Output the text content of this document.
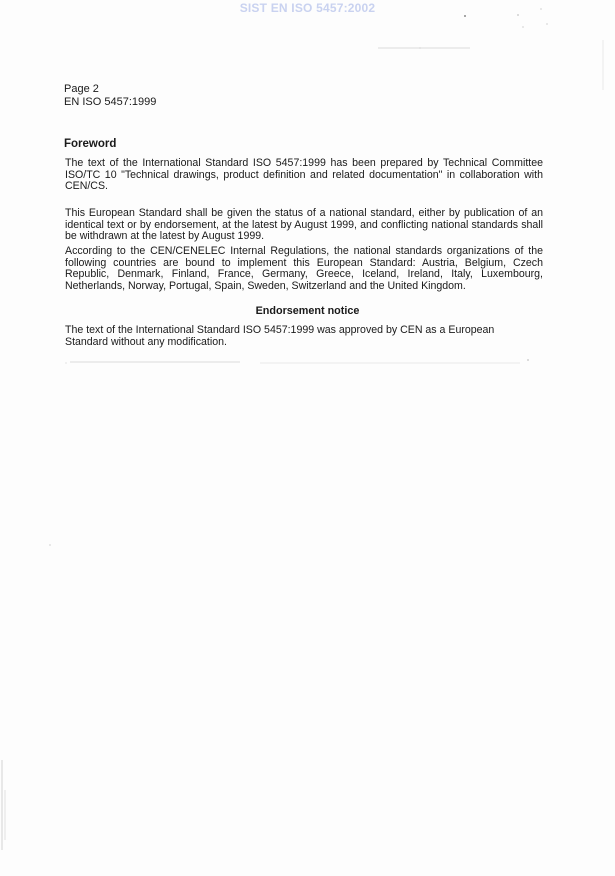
SIST EN ISO 5457:2002
Page 2
EN ISO 5457:1999
Foreword

The text of the International Standard ISO 5457:1999 has been prepared by Technical Committee ISO/TC 10 "Technical drawings, product definition and related documentation" in collaboration with CEN/CS.

This European Standard shall be given the status of a national standard, either by publication of an identical text or by endorsement, at the latest by August 1999, and conflicting national standards shall be withdrawn at the latest by August 1999.

According to the CEN/CENELEC Internal Regulations, the national standards organizations of the following countries are bound to implement this European Standard: Austria, Belgium, Czech Republic, Denmark, Finland, France, Germany, Greece, Iceland, Ireland, Italy, Luxembourg, Netherlands, Norway, Portugal, Spain, Sweden, Switzerland and the United Kingdom.

Endorsement notice

The text of the International Standard ISO 5457:1999 was approved by CEN as a European Standard without any modification.
